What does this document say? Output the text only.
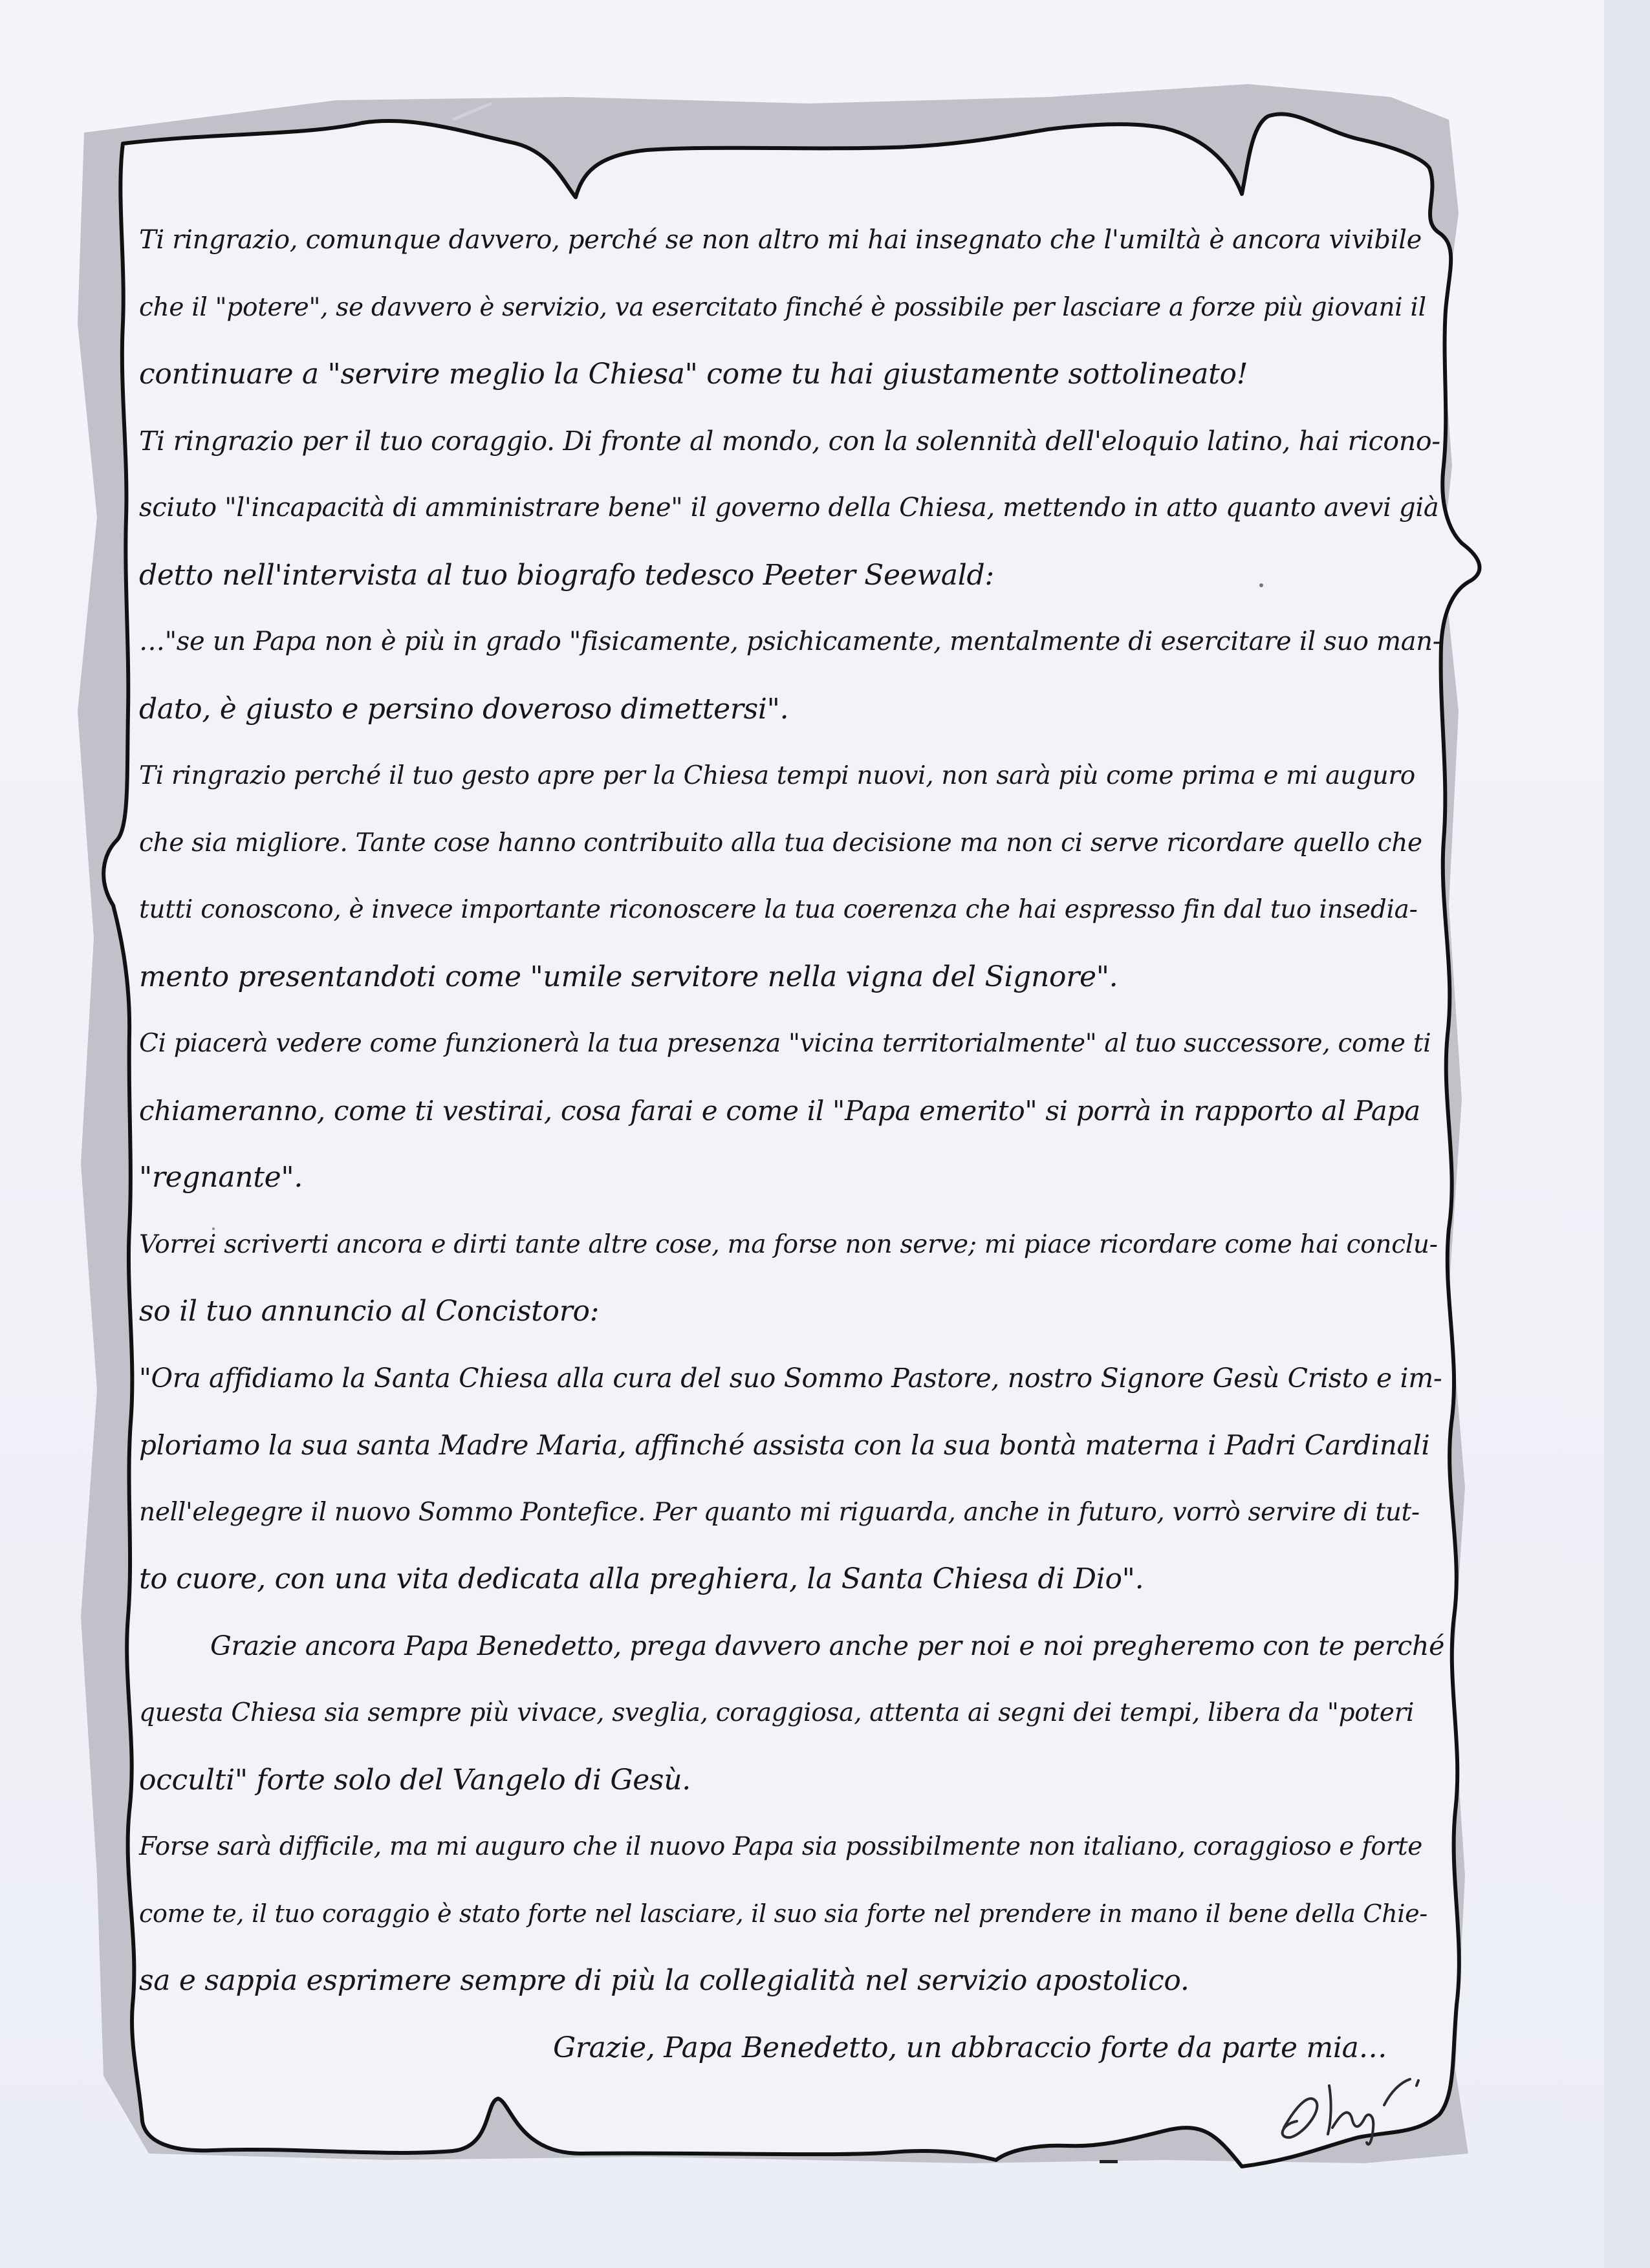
Ti ringrazio, comunque davvero, perché se non altro mi hai insegnato che l'umiltà è ancora vivibile
che il "potere", se davvero è servizio, va esercitato finché è possibile per lasciare a forze più giovani il
continuare a "servire meglio la Chiesa" come tu hai giustamente sottolineato!
Ti ringrazio per il tuo coraggio. Di fronte al mondo, con la solennità dell'eloquio latino, hai ricono-
sciuto "l'incapacità di amministrare bene" il governo della Chiesa, mettendo in atto quanto avevi già
detto nell'intervista al tuo biografo tedesco Peeter Seewald:
…"se un Papa non è più in grado "fisicamente, psichicamente, mentalmente di esercitare il suo man-
dato, è giusto e persino doveroso dimettersi".
Ti ringrazio perché il tuo gesto apre per la Chiesa tempi nuovi, non sarà più come prima e mi auguro
che sia migliore. Tante cose hanno contribuito alla tua decisione ma non ci serve ricordare quello che
tutti conoscono, è invece importante riconoscere la tua coerenza che hai espresso fin dal tuo insedia-
mento presentandoti come "umile servitore nella vigna del Signore".
Ci piacerà vedere come funzionerà la tua presenza "vicina territorialmente" al tuo successore, come ti
chiameranno, come ti vestirai, cosa farai e come il "Papa emerito" si porrà in rapporto al Papa
"regnante".
Vorrei scriverti ancora e dirti tante altre cose, ma forse non serve; mi piace ricordare come hai conclu-
so il tuo annuncio al Concistoro:
"Ora affidiamo la Santa Chiesa alla cura del suo Sommo Pastore, nostro Signore Gesù Cristo e im-
ploriamo la sua santa Madre Maria, affinché assista con la sua bontà materna i Padri Cardinali
nell'elegegre il nuovo Sommo Pontefice. Per quanto mi riguarda, anche in futuro, vorrò servire di tut-
to cuore, con una vita dedicata alla preghiera, la Santa Chiesa di Dio".
Grazie ancora Papa Benedetto, prega davvero anche per noi e noi pregheremo con te perché
questa Chiesa sia sempre più vivace, sveglia, coraggiosa, attenta ai segni dei tempi, libera da "poteri
occulti" forte solo del Vangelo di Gesù.
Forse sarà difficile, ma mi auguro che il nuovo Papa sia possibilmente non italiano, coraggioso e forte
come te, il tuo coraggio è stato forte nel lasciare, il suo sia forte nel prendere in mano il bene della Chie-
sa e sappia esprimere sempre di più la collegialità nel servizio apostolico.
Grazie, Papa Benedetto, un abbraccio forte da parte mia…
